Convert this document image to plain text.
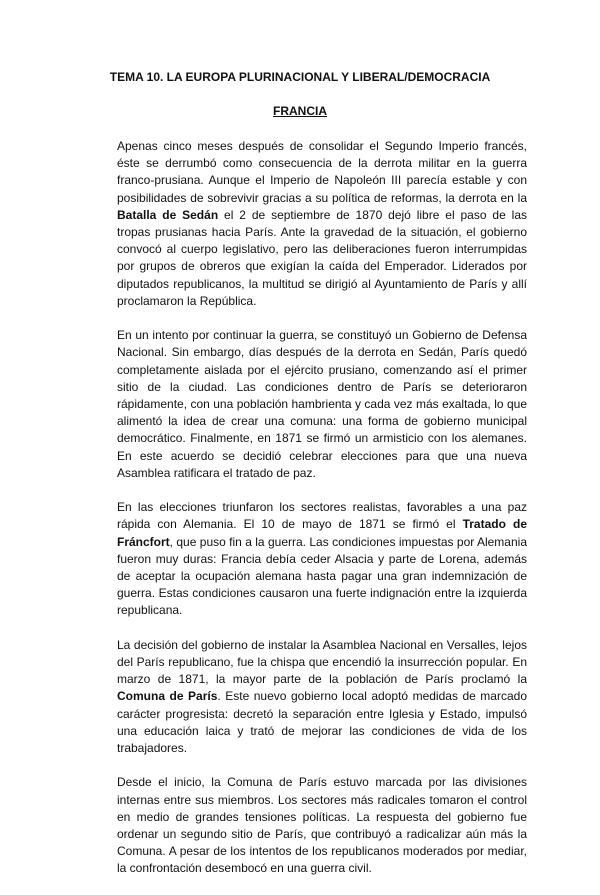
TEMA 10. LA EUROPA PLURINACIONAL Y LIBERAL/DEMOCRACIA
FRANCIA

Apenas cinco meses después de consolidar el Segundo Imperio francés, éste se derrumbó como consecuencia de la derrota militar en la guerra franco-prusiana. Aunque el Imperio de Napoleón III parecía estable y con posibilidades de sobrevivir gracias a su política de reformas, la derrota en la Batalla de Sedán el 2 de septiembre de 1870 dejó libre el paso de las tropas prusianas hacia París. Ante la gravedad de la situación, el gobierno convocó al cuerpo legislativo, pero las deliberaciones fueron interrumpidas por grupos de obreros que exigían la caída del Emperador. Liderados por diputados republicanos, la multitud se dirigió al Ayuntamiento de París y allí proclamaron la República.

En un intento por continuar la guerra, se constituyó un Gobierno de Defensa Nacional. Sin embargo, días después de la derrota en Sedán, París quedó completamente aislada por el ejército prusiano, comenzando así el primer sitio de la ciudad. Las condiciones dentro de París se deterioraron rápidamente, con una población hambrienta y cada vez más exaltada, lo que alimentó la idea de crear una comuna: una forma de gobierno municipal democrático. Finalmente, en 1871 se firmó un armisticio con los alemanes. En este acuerdo se decidió celebrar elecciones para que una nueva Asamblea ratificara el tratado de paz.

En las elecciones triunfaron los sectores realistas, favorables a una paz rápida con Alemania. El 10 de mayo de 1871 se firmó el Tratado de Fráncfort, que puso fin a la guerra. Las condiciones impuestas por Alemania fueron muy duras: Francia debía ceder Alsacia y parte de Lorena, además de aceptar la ocupación alemana hasta pagar una gran indemnización de guerra. Estas condiciones causaron una fuerte indignación entre la izquierda republicana.

La decisión del gobierno de instalar la Asamblea Nacional en Versalles, lejos del París republicano, fue la chispa que encendió la insurrección popular. En marzo de 1871, la mayor parte de la población de París proclamó la Comuna de París. Este nuevo gobierno local adoptó medidas de marcado carácter progresista: decretó la separación entre Iglesia y Estado, impulsó una educación laica y trató de mejorar las condiciones de vida de los trabajadores.

Desde el inicio, la Comuna de París estuvo marcada por las divisiones internas entre sus miembros. Los sectores más radicales tomaron el control en medio de grandes tensiones políticas. La respuesta del gobierno fue ordenar un segundo sitio de París, que contribuyó a radicalizar aún más la Comuna. A pesar de los intentos de los republicanos moderados por mediar, la confrontación desembocó en una guerra civil.
